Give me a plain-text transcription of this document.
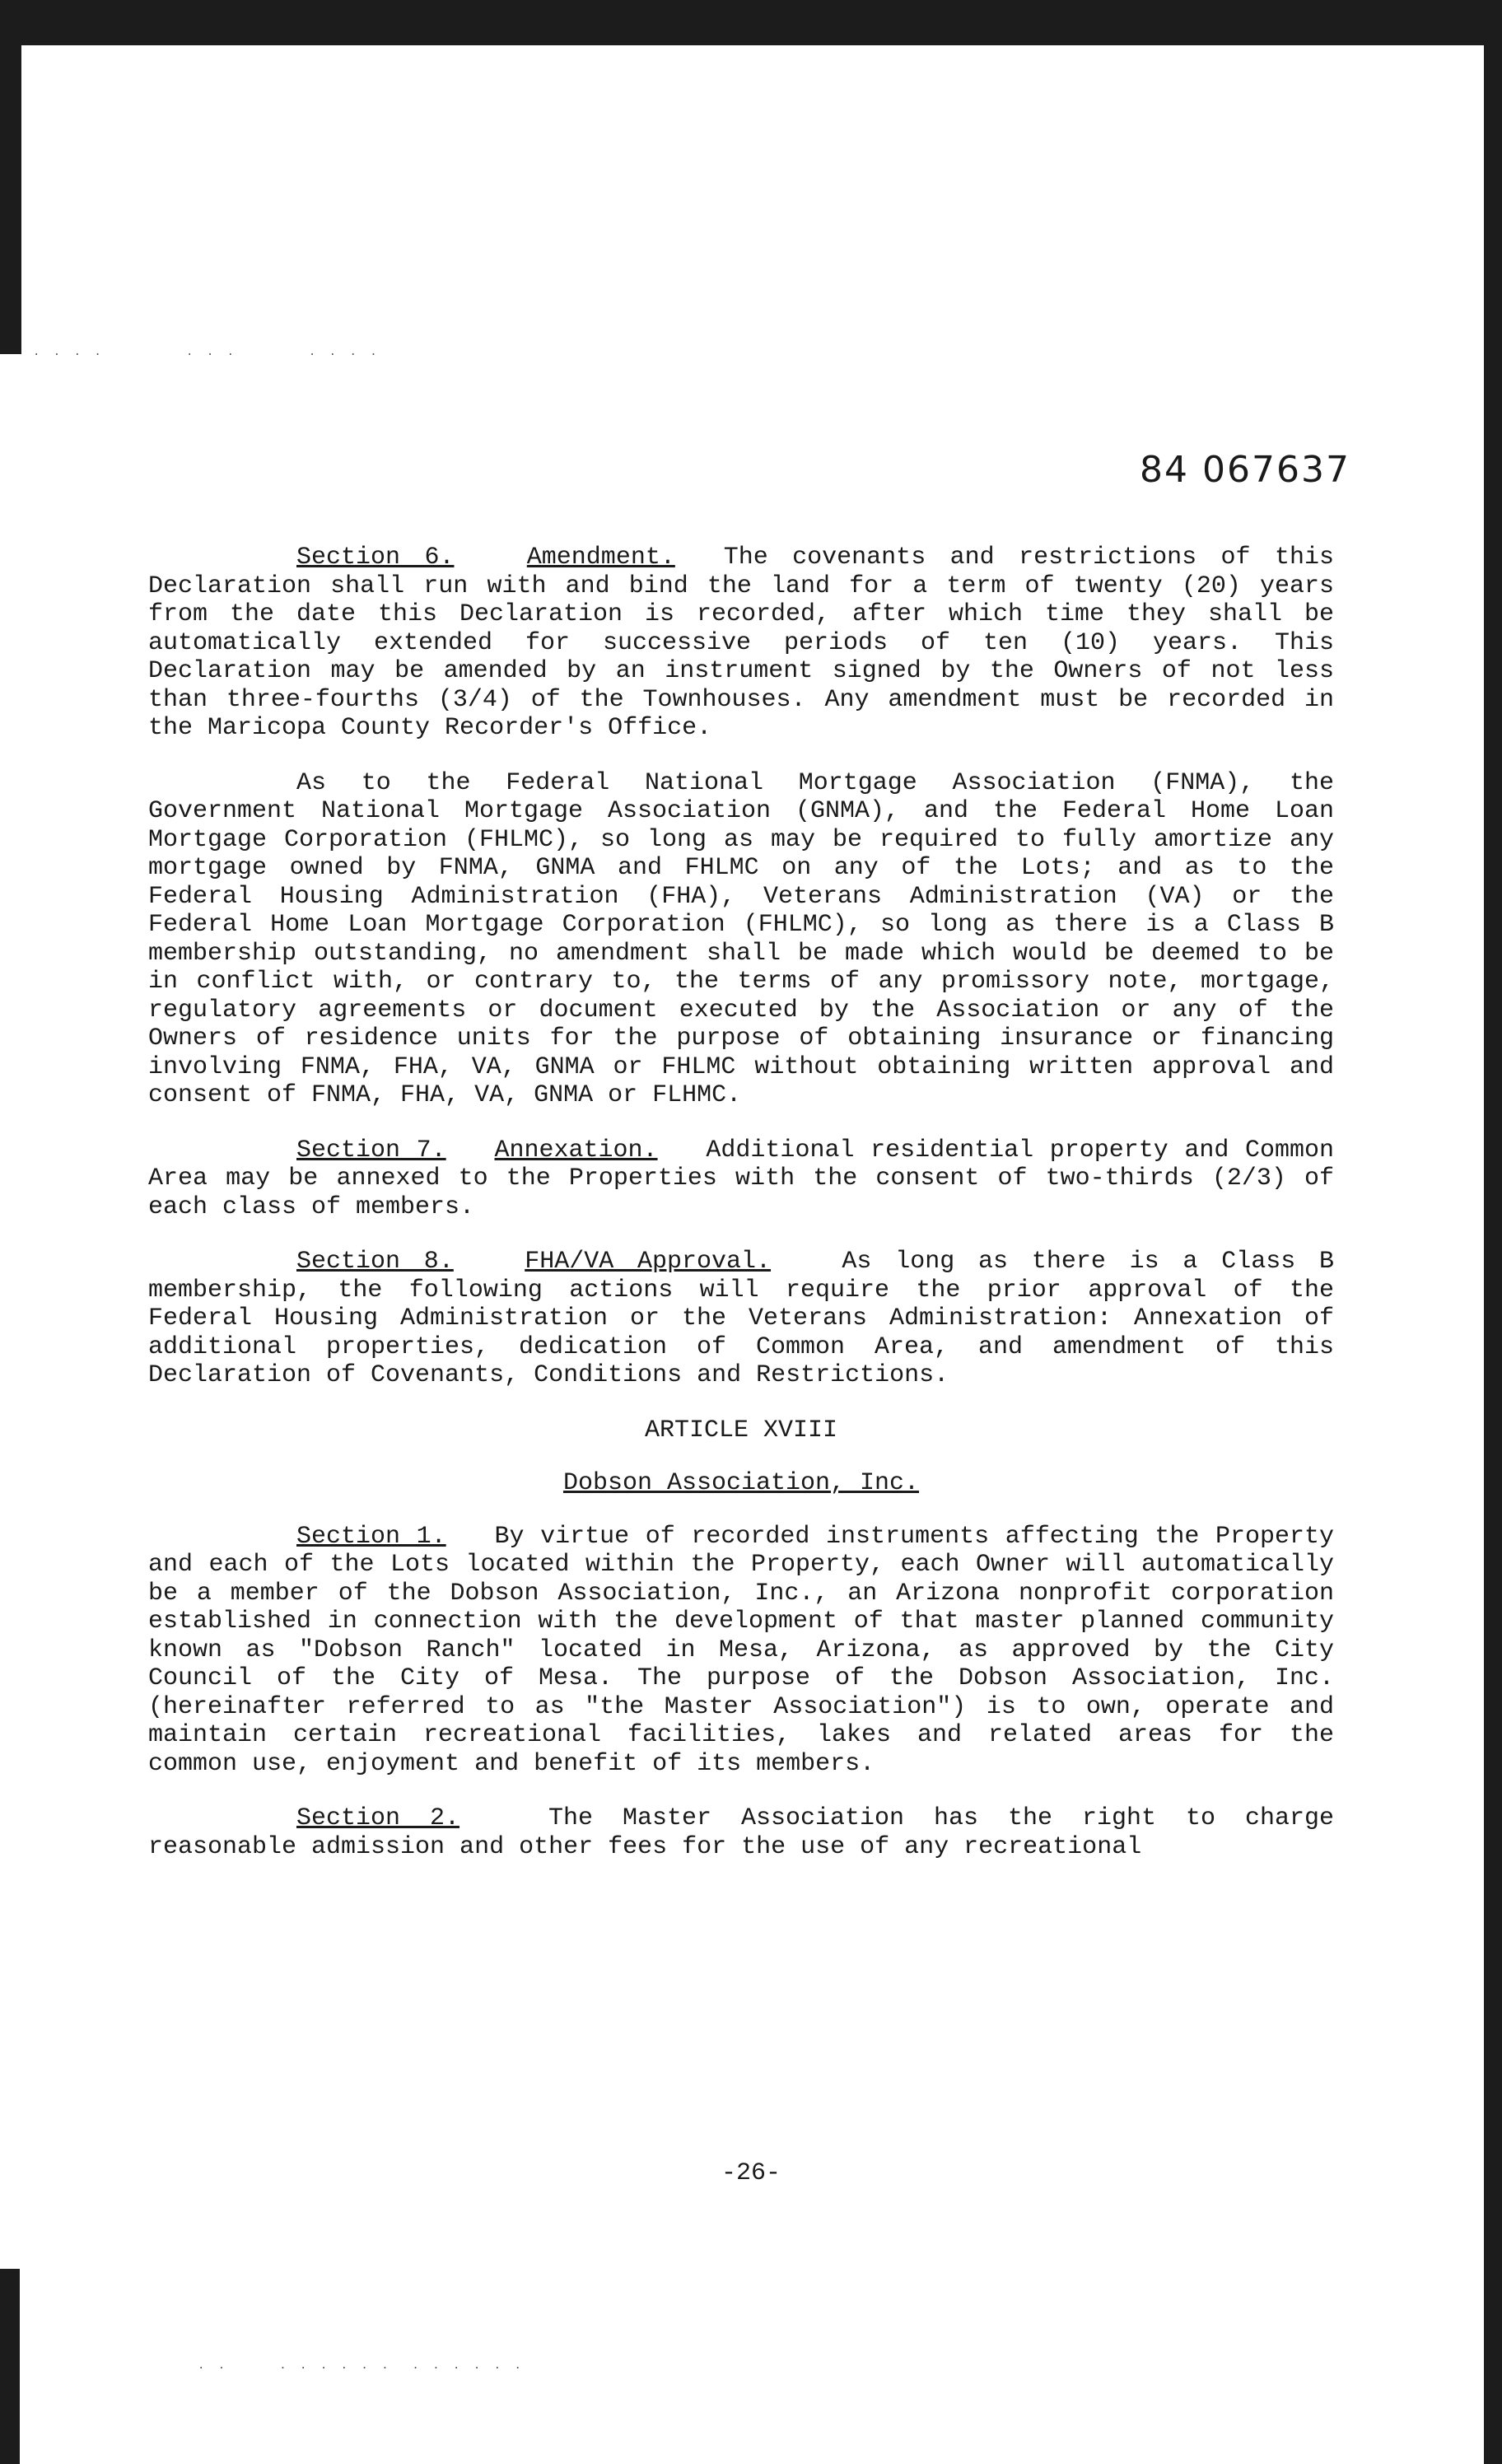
. . . .        . . .       . . . .
. .     . . . . . .  . . . . . .
84 067637

Section 6.	Amendment. The covenants and restrictions of this Declaration shall run with and bind the land for a term of twenty (20) years from the date this Declaration is recorded, after which time they shall be automatically extended for successive periods of ten (10) years. This Declaration may be amended by an instrument signed by the Owners of not less than three-fourths (3/4) of the Townhouses. Any amendment must be recorded in the Maricopa County Recorder's Office.

As to the Federal National Mortgage Association (FNMA), the Government National Mortgage Association (GNMA), and the Federal Home Loan Mortgage Corporation (FHLMC), so long as may be required to fully amortize any mortgage owned by FNMA, GNMA and FHLMC on any of the Lots; and as to the Federal Housing Administration (FHA), Veterans Administration (VA) or the Federal Home Loan Mortgage Corporation (FHLMC), so long as there is a Class B membership outstanding, no amendment shall be made which would be deemed to be in conflict with, or contrary to, the terms of any promissory note, mortgage, regulatory agreements or document executed by the Association or any of the Owners of residence units for the purpose of obtaining insurance or financing involving FNMA, FHA, VA, GNMA or FHLMC without obtaining written approval and consent of FNMA, FHA, VA, GNMA or FLHMC.

Section 7. Annexation. Additional residential property and Common Area may be annexed to the Properties with the consent of two-thirds (2/3) of each class of members.

Section 8.	FHA/VA Approval.	As long as there is a Class B membership, the following actions will require the prior approval of the Federal Housing Administration or the Veterans Administration: Annexation of additional properties, dedication of Common Area, and amendment of this Declaration of Covenants, Conditions and Restrictions.

ARTICLE XVIII
Dobson Association, Inc.

Section 1. By virtue of recorded instruments affecting the Property and each of the Lots located within the Property, each Owner will automatically be a member of the Dobson Association, Inc., an Arizona nonprofit corporation established in connection with the development of that master planned community known as "Dobson Ranch" located in Mesa, Arizona, as approved by the City Council of the City of Mesa. The purpose of the Dobson Association, Inc. (hereinafter referred to as "the Master Association") is to own, operate and maintain certain recreational facilities, lakes and related areas for the common use, enjoyment and benefit of its members.

Section 2.	The Master Association has the right to charge reasonable admission and other fees for the use of any recreational

-26-
